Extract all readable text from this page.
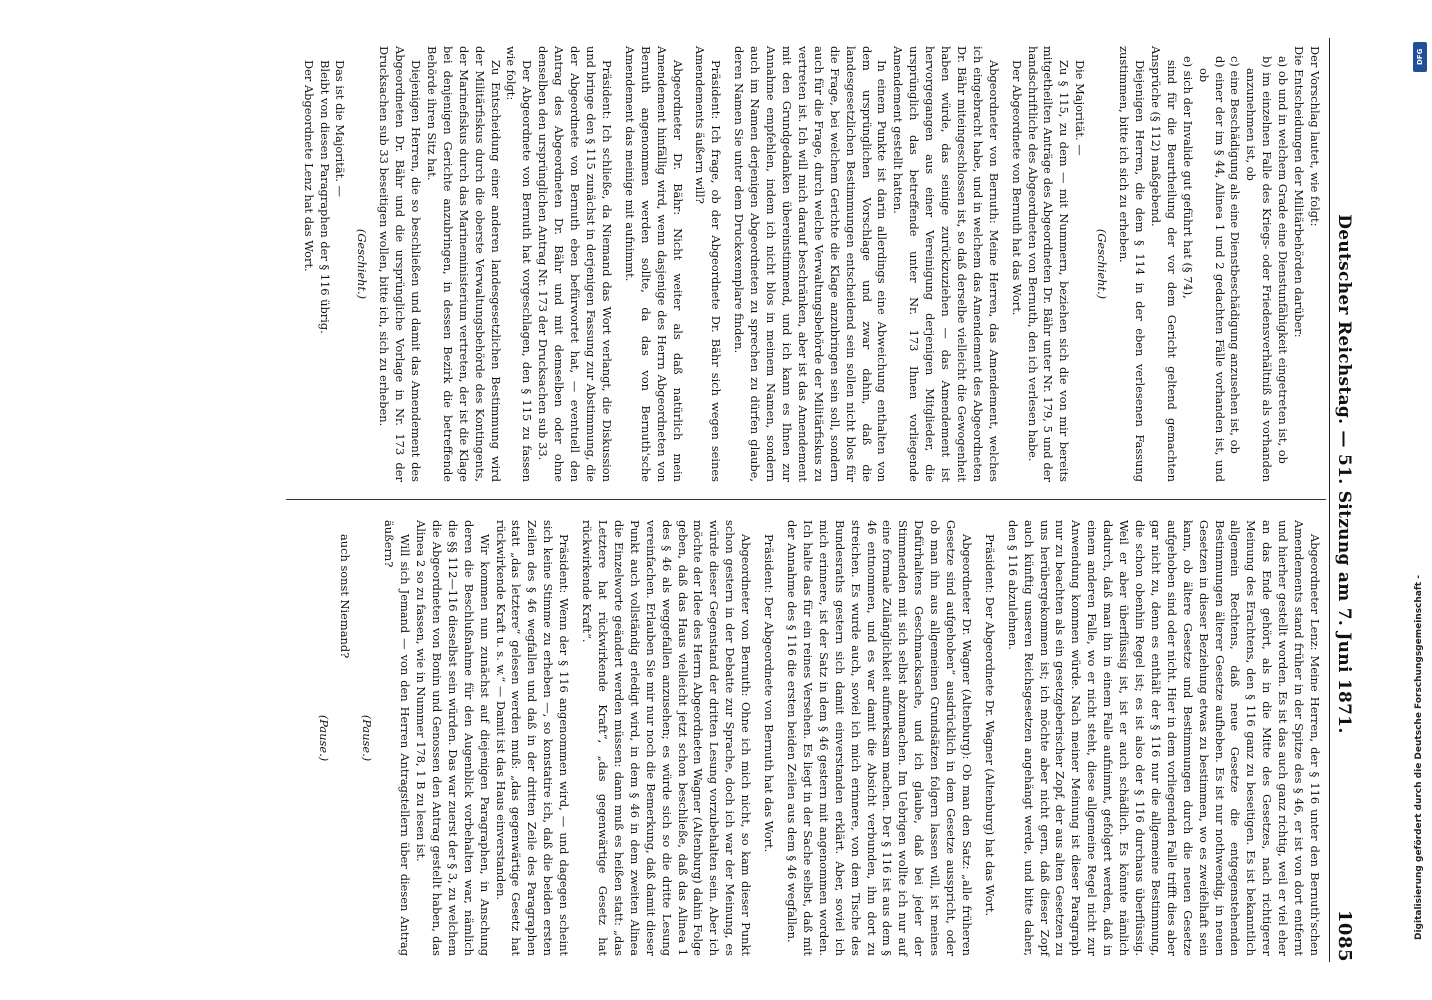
Deutscher Reichstag. — 51. Sitzung am 7. Juni 1871.
1085

Der Vorschlag lautet, wie folgt:

Die Entscheidungen der Militärbehörden darüber:

a) ob und in welchem Grade eine Dienstunfähigkeit eingetreten ist, ob

b) im einzelnen Falle des Kriegs- oder Friedensverhältniß als vorhanden anzunehmen ist, ob

c) eine Beschädigung als eine Dienstbeschädigung anzusehen ist, ob

d) einer der im § 44, Alinea 1 und 2 gedachten Fälle vorhanden ist, und ob

e) sich der Invalide gut geführt hat (§ 74),

sind für die Beurtheilung der vor dem Gericht geltend gemachten Ansprüche (§ 112) maßgebend.

Diejenigen Herren, die dem § 114 in der eben verlesenen Fassung zustimmen, bitte ich sich zu erheben.

(Geschieht.)

Die Majorität. —

Zu § 115, zu dem — mit Nummern, beziehen sich die von mir bereits mitgetheilten Anträge des Abgeordneten Dr. Bähr unter Nr. 179, 5 und der handschriftliche des Abgeordneten von Bernuth, den ich verlesen habe.

Der Abgeordnete von Bernuth hat das Wort.

Abgeordneter von Bernuth: Meine Herren, das Amendement, welches ich eingebracht habe, und in welchem das Amendement des Abgeordneten Dr. Bähr miteingeschlossen ist, so daß derselbe vielleicht die Gewogenheit haben würde, das seinige zurückzuziehen — das Amendement ist hervorgegangen aus einer Vereinigung derjenigen Mitglieder, die ursprünglich das betreffende unter Nr. 173 Ihnen vorliegende Amendement gestellt hatten.

In einem Punkte ist darin allerdings eine Abweichung enthalten von dem ursprünglichen Vorschlage und zwar dahin, daß die landesgesetzlichen Bestimmungen entscheidend sein sollen nicht blos für die Frage, bei welchem Gerichte die Klage anzubringen sein soll, sondern auch für die Frage, durch welche Verwaltungsbehörde der Militärfiskus zu vertreten ist. Ich will mich darauf beschränken, aber ist das Amendement mit den Grundgedanken übereinstimmend, und ich kann es Ihnen zur Annahme empfehlen, indem ich nicht blos in meinem Namen, sondern auch im Namen derjenigen Abgeordneten zu sprechen zu dürfen glaube, deren Namen Sie unter dem Druckexemplare finden.

Präsident: Ich frage, ob der Abgeordnete Dr. Bähr sich wegen seines Amendements äußern will?

Abgeordneter Dr. Bähr: Nicht weiter als daß natürlich mein Amendement hinfällig wird, wenn dasjenige des Herrn Abgeordneten von Bernuth angenommen werden sollte, da das von Bernuth'sche Amendement das meinige mit aufnimmt.

Präsident: Ich schließe, da Niemand das Wort verlangt, die Diskussion und bringe den § 115 zunächst in derjenigen Fassung zur Abstimmung, die der Abgeordnete von Bernuth eben befürwortet hat, — eventuell den Antrag des Abgeordneten Dr. Bähr und mit demselben oder ohne denselben den ursprünglichen Antrag Nr. 173 der Drucksachen sub 33.

Der Abgeordnete von Bernuth hat vorgeschlagen, den § 115 zu fassen wie folgt:

Zu Entscheidung einer anderen landesgesetzlichen Bestimmung wird der Militärfiskus durch die oberste Verwaltungsbehörde des Kontingents, der Marinefiskus durch das Marineministerium vertreten, der ist die Klage bei denjenigen Gerichte anzubringen, in dessen Bezirk die betreffende Behörde ihren Sitz hat.

Diejenigen Herren, die so beschließen und damit das Amendement des Abgeordneten Dr. Bähr und die ursprüngliche Vorlage in Nr. 173 der Drucksachen sub 33 beseitigen wollen, bitte ich, sich zu erheben.

(Geschieht.)

Das ist die Majorität. —

Bleibt von diesen Paragraphen der § 116 übrig.

Der Abgeordnete Lenz hat das Wort.

Abgeordneter Lenz: Meine Herren, der § 116 unter den Bernuth'schen Amendements stand früher in der Spitze des § 46, er ist von dort entfernt und hierher gestellt worden. Es ist das auch ganz richtig, weil er viel eher an das Ende gehört, als in die Mitte des Gesetzes, nach richtigerer Meinung des Erachtens, den § 116 ganz zu beseitigen. Es ist bekanntlich allgemein Rechtens, daß neue Gesetze die entgegenstehenden Bestimmungen älterer Gesetze aufheben. Es ist nur nothwendig, in neuen Gesetzen in dieser Beziehung etwas zu bestimmen, wo es zweifelhaft sein kann, ob ältere Gesetze und Bestimmungen durch die neuen Gesetze aufgehoben sind oder nicht. Hier in dem vorliegenden Falle trifft dies aber gar nicht zu, denn es enthält der § 116 nur die allgemeine Bestimmung, die schon obenhin Regel ist; es ist also der § 116 durchaus überflüssig. Weil er aber überflüssig ist, ist er auch schädlich. Es könnte nämlich dadurch, daß man ihn in einem Falle aufnimmt, gefolgert werden, daß in einem anderen Falle, wo er nicht steht, diese allgemeine Regel nicht zur Anwendung kommen würde. Nach meiner Meinung ist dieser Paragraph nur zu beachten als ein gesetzgeberischer Zopf, der aus alten Gesetzen zu uns herübergekommen ist; ich möchte aber nicht gern, daß dieser Zopf auch künftig unseren Reichsgesetzen angehängt werde, und bitte daher, den § 116 abzulehnen.

Präsident: Der Abgeordnete Dr. Wagner (Altenburg) hat das Wort.

Abgeordneter Dr. Wagner (Altenburg): Ob man den Satz: „alle früheren Gesetze sind aufgehoben“ ausdrücklich in dem Gesetze ausspricht, oder ob man ihn aus allgemeinen Grundsätzen folgern lassen will, ist meines Dafürhaltens Geschmacksache, und ich glaube, daß bei jeder der Stimmenden mit sich selbst abzumachen. Im Uebrigen wollte ich nur auf eine formale Zulänglichkeit aufmerksam machen. Der § 116 ist aus dem § 46 entnommen, und es war damit die Absicht verbunden, ihn dort zu streichen. Es wurde auch, soviel ich mich erinnere, von dem Tische des Bundesraths gestern sich damit einverstanden erklärt. Aber, soviel ich mich erinnere, ist der Satz in dem § 46 gestern mit angenommen worden. Ich halte das für ein reines Versehen. Es liegt in der Sache selbst, daß mit der Annahme des § 116 die ersten beiden Zeilen aus dem § 46 wegfallen.

Präsident: Der Abgeordnete von Bernuth hat das Wort.

Abgeordneter von Bernuth: Ohne ich mich nicht, so kam dieser Punkt schon gestern in der Debatte zur Sprache, doch ich war der Meinung, es würde dieser Gegenstand der dritten Lesung vorzubehalten sein. Aber ich möchte der Idee des Herrn Abgeordneten Wagner (Altenburg) dahin Folge geben, daß das Haus vielleicht jetzt schon beschließe, daß das Alinea 1 des § 46 als weggefallen anzusehen; es würde sich so die dritte Lesung vereinfachen. Erlauben Sie mir nur noch die Bemerkung, daß damit dieser Punkt auch vollständig erledigt wird, in dem § 46 in dem zweiten Alinea die Einzelworte geändert werden müssen: dann muß es heißen statt: „das Letztere hat rückwirkende Kraft“, „das gegenwärtige Gesetz hat rückwirkende Kraft“.

Präsident: Wenn der § 116 angenommen wird, — und dagegen scheint sich keine Stimme zu erheben —, so konstatire ich, daß die beiden ersten Zeilen des § 46 wegfallen und daß in der dritten Zeile des Paragraphen statt „das letztere“ gelesen werden muß: „das gegenwärtige Gesetz hat rückwirkende Kraft u. s. w.“ — Damit ist das Haus einverstanden.

Wir kommen nun zunächst auf diejenigen Paragraphen, in Anschung deren die Beschlußnahme für den Augenblick vorbehalten war, nämlich die §§ 112—116 dieselbst sein würden. Das war zuerst der § 3, zu welchem die Abgeordneten von Bonin und Genossen den Antrag gestellt haben, das Alinea 2 so zu fassen, wie in Nummer 178, 1 B zu lesen ist.

Will sich Jemand — von den Herren Antragstellern über diesen Antrag äußern?

(Pause.)

auch sonst Niemand?

(Pause.)

DFG
Digitalisierung gefördert durch die Deutsche Forschungsgemeinschaft -
